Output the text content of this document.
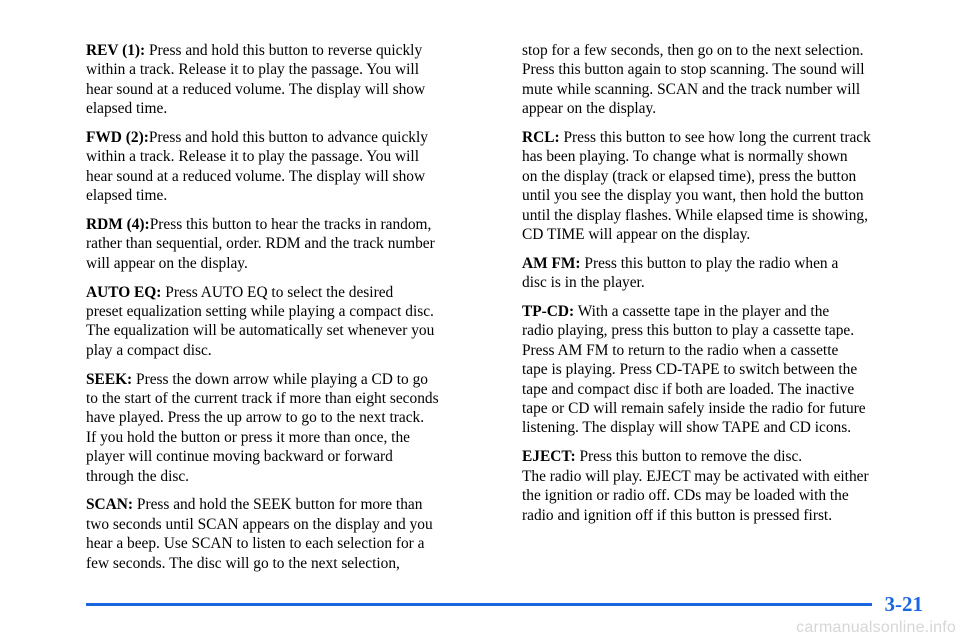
REV (1): Press and hold this button to reverse quickly
within a track. Release it to play the passage. You will
hear sound at a reduced volume. The display will show
elapsed time.

FWD (2):Press and hold this button to advance quickly
within a track. Release it to play the passage. You will
hear sound at a reduced volume. The display will show
elapsed time.

RDM (4):Press this button to hear the tracks in random,
rather than sequential, order. RDM and the track number
will appear on the display.

AUTO EQ: Press AUTO EQ to select the desired
preset equalization setting while playing a compact disc.
The equalization will be automatically set whenever you
play a compact disc.

SEEK: Press the down arrow while playing a CD to go
to the start of the current track if more than eight seconds
have played. Press the up arrow to go to the next track.
If you hold the button or press it more than once, the
player will continue moving backward or forward
through the disc.

SCAN: Press and hold the SEEK button for more than
two seconds until SCAN appears on the display and you
hear a beep. Use SCAN to listen to each selection for a
few seconds. The disc will go to the next selection,

stop for a few seconds, then go on to the next selection.
Press this button again to stop scanning. The sound will
mute while scanning. SCAN and the track number will
appear on the display.

RCL: Press this button to see how long the current track
has been playing. To change what is normally shown
on the display (track or elapsed time), press the button
until you see the display you want, then hold the button
until the display flashes. While elapsed time is showing,
CD TIME will appear on the display.

AM FM: Press this button to play the radio when a
disc is in the player.

TP-CD: With a cassette tape in the player and the
radio playing, press this button to play a cassette tape.
Press AM FM to return to the radio when a cassette
tape is playing. Press CD-TAPE to switch between the
tape and compact disc if both are loaded. The inactive
tape or CD will remain safely inside the radio for future
listening. The display will show TAPE and CD icons.

EJECT: Press this button to remove the disc.
The radio will play. EJECT may be activated with either
the ignition or radio off. CDs may be loaded with the
radio and ignition off if this button is pressed first.

3-21
carmanualsonline.info
